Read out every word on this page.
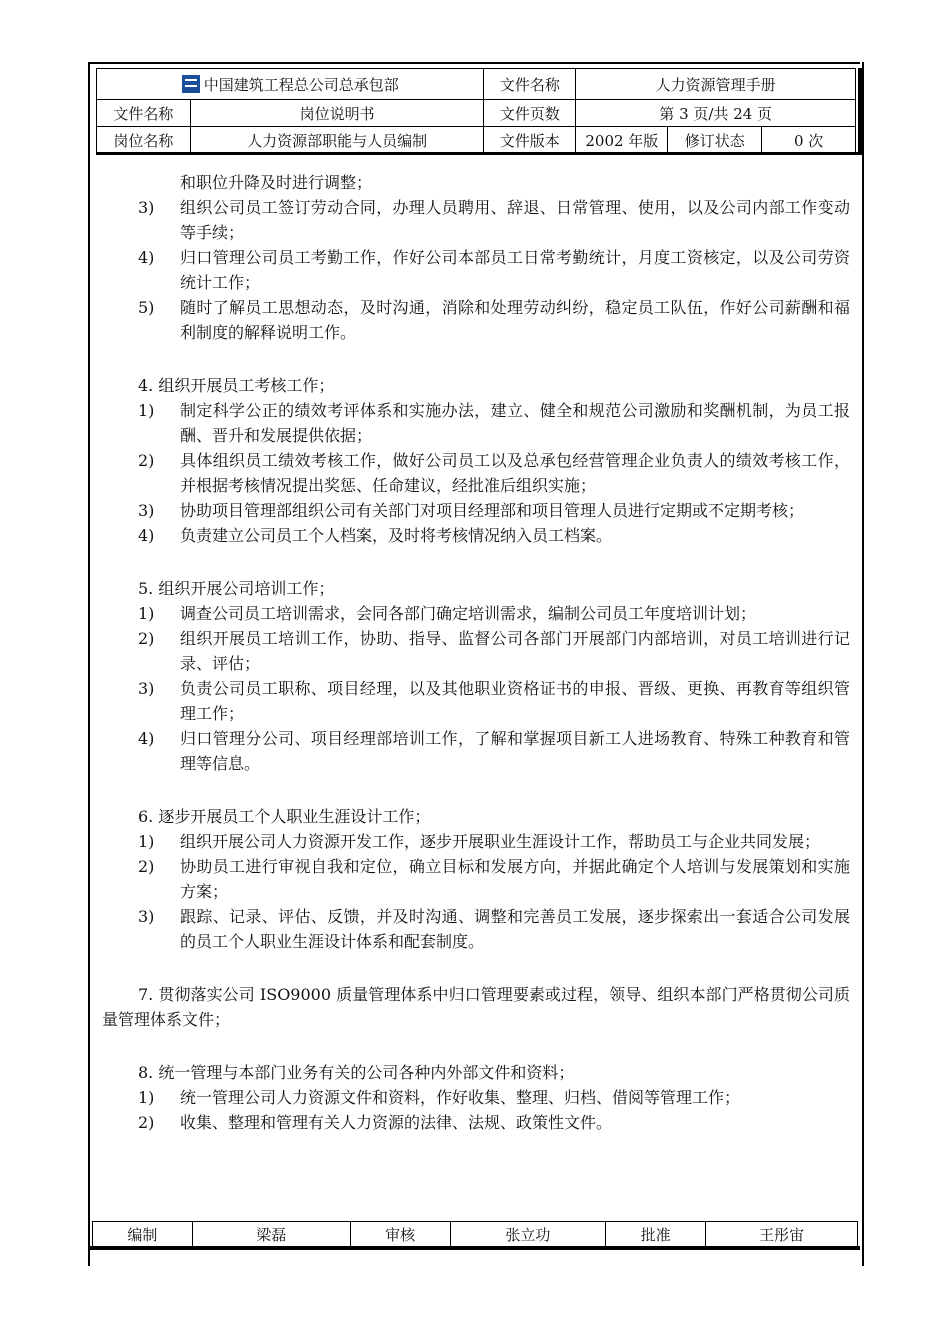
中国建筑工程总公司总承包部		文件名称	人力资源管理手册		
文件名称	岗位说明书	文件页数	第 3 页/共 24 页		
岗位名称	人力资源部职能与人员编制	文件版本	2002 年版	修订状态	0 次
和职位升降及时进行调整；
3) 组织公司员工签订劳动合同，办理人员聘用、辞退、日常管理、使用，以及公司内部工作变动等手续；
4) 归口管理公司员工考勤工作，作好公司本部员工日常考勤统计，月度工资核定，以及公司劳资统计工作；
5) 随时了解员工思想动态，及时沟通，消除和处理劳动纠纷，稳定员工队伍，作好公司薪酬和福利制度的解释说明工作。
4. 组织开展员工考核工作；
1) 制定科学公正的绩效考评体系和实施办法，建立、健全和规范公司激励和奖酬机制，为员工报酬、晋升和发展提供依据；
2) 具体组织员工绩效考核工作，做好公司员工以及总承包经营管理企业负责人的绩效考核工作，并根据考核情况提出奖惩、任命建议，经批准后组织实施；
3) 协助项目管理部组织公司有关部门对项目经理部和项目管理人员进行定期或不定期考核；
4) 负责建立公司员工个人档案，及时将考核情况纳入员工档案。
5. 组织开展公司培训工作；
1) 调查公司员工培训需求，会同各部门确定培训需求，编制公司员工年度培训计划；
2) 组织开展员工培训工作，协助、指导、监督公司各部门开展部门内部培训，对员工培训进行记录、评估；
3) 负责公司员工职称、项目经理，以及其他职业资格证书的申报、晋级、更换、再教育等组织管理工作；
4) 归口管理分公司、项目经理部培训工作，了解和掌握项目新工人进场教育、特殊工种教育和管理等信息。
6. 逐步开展员工个人职业生涯设计工作；
1) 组织开展公司人力资源开发工作，逐步开展职业生涯设计工作，帮助员工与企业共同发展；
2) 协助员工进行审视自我和定位，确立目标和发展方向，并据此确定个人培训与发展策划和实施方案；
3) 跟踪、记录、评估、反馈，并及时沟通、调整和完善员工发展，逐步探索出一套适合公司发展的员工个人职业生涯设计体系和配套制度。
7. 贯彻落实公司 ISO9000 质量管理体系中归口管理要素或过程，领导、组织本部门严格贯彻公司质量管理体系文件；
8. 统一管理与本部门业务有关的公司各种内外部文件和资料；
1) 统一管理公司人力资源文件和资料，作好收集、整理、归档、借阅等管理工作；
2) 收集、整理和管理有关人力资源的法律、法规、政策性文件。
编制	梁磊	审核	张立功	批准	王彤宙
